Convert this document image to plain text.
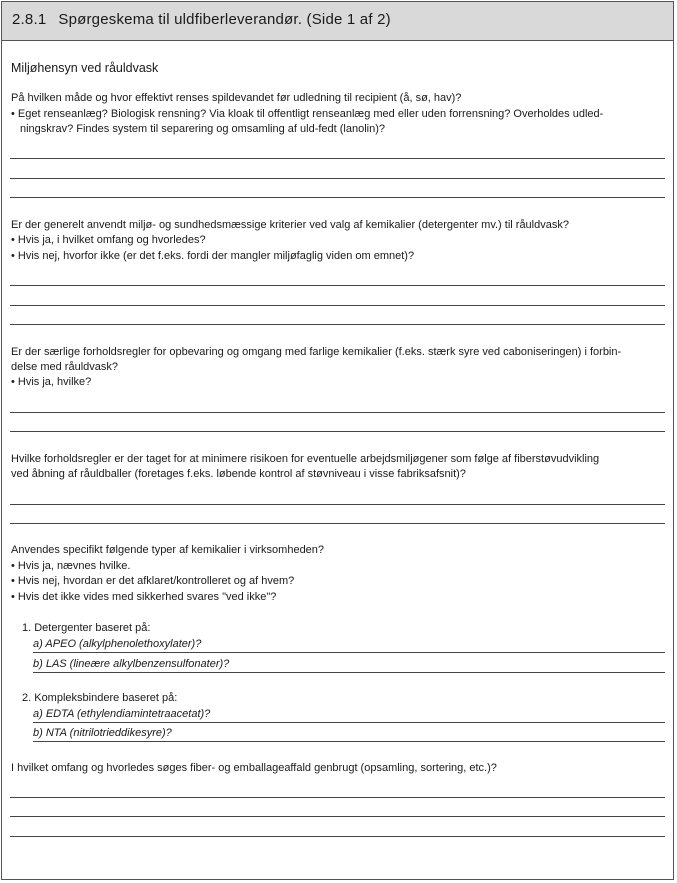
2.8.1 Spørgeskema til uldfiberleverandør. (Side 1 af 2)
Miljøhensyn ved råuldvask
På hvilken måde og hvor effektivt renses spildevandet før udledning til recipient (å, sø, hav)?
• Eget renseanlæg? Biologisk rensning? Via kloak til offentligt renseanlæg med eller uden forrensning? Overholdes udled-
ningskrav? Findes system til separering og omsamling af uld-fedt (lanolin)?
Er der generelt anvendt miljø- og sundhedsmæssige kriterier ved valg af kemikalier (detergenter mv.) til råuldvask?
• Hvis ja, i hvilket omfang og hvorledes?
• Hvis nej, hvorfor ikke (er det f.eks. fordi der mangler miljøfaglig viden om emnet)?
Er der særlige forholdsregler for opbevaring og omgang med farlige kemikalier (f.eks. stærk syre ved caboniseringen) i forbin-
delse med råuldvask?
• Hvis ja, hvilke?
Hvilke forholdsregler er der taget for at minimere risikoen for eventuelle arbejdsmiljøgener som følge af fiberstøvudvikling
ved åbning af råuldballer (foretages f.eks. løbende kontrol af støvniveau i visse fabriksafsnit)?
Anvendes specifikt følgende typer af kemikalier i virksomheden?
• Hvis ja, nævnes hvilke.
• Hvis nej, hvordan er det afklaret/kontrolleret og af hvem?
• Hvis det ikke vides med sikkerhed svares "ved ikke"?
1. Detergenter baseret på:
a) APEO (alkylphenolethoxylater)?
b) LAS (lineære alkylbenzensulfonater)?
2. Kompleksbindere baseret på:
a) EDTA (ethylendiamintetraacetat)?
b) NTA (nitrilotrieddikesyre)?
I hvilket omfang og hvorledes søges fiber- og emballageaffald genbrugt (opsamling, sortering, etc.)?
